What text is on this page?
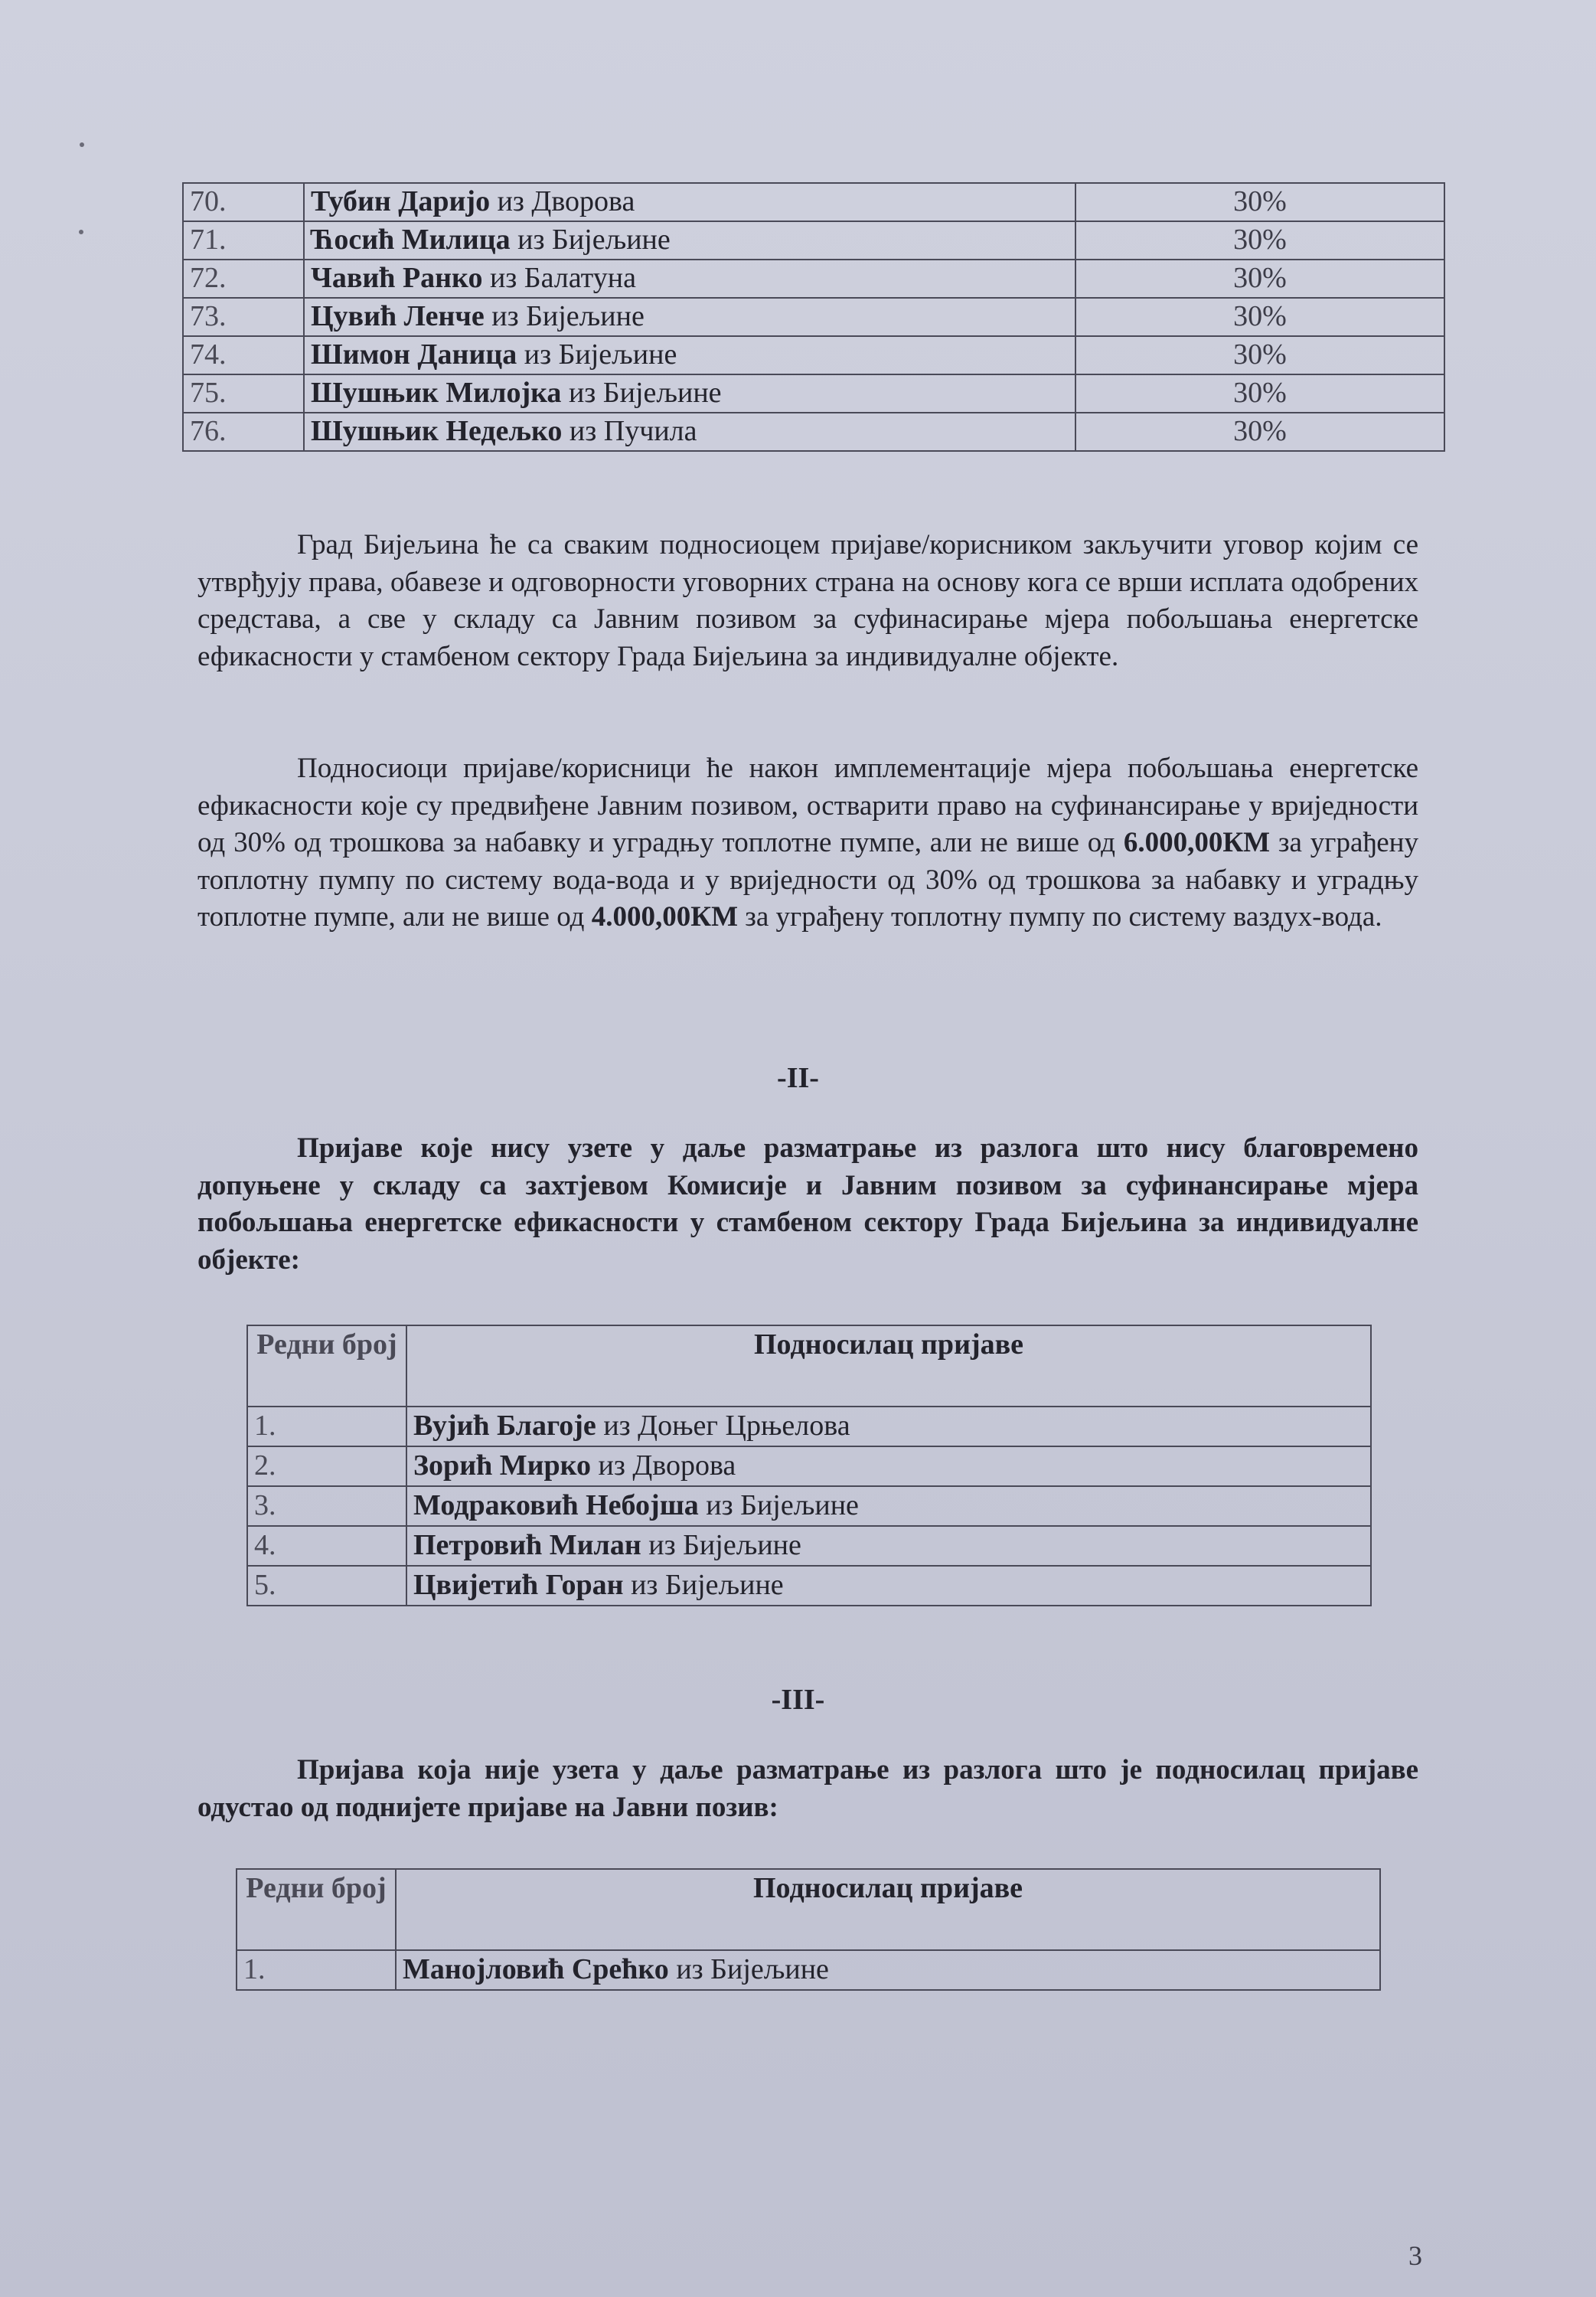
70.	Тубин Даријо из Дворова	30%
71.	Ћосић Милица из Бијељине	30%
72.	Чавић Ранко из Балатуна	30%
73.	Цувић Ленче из Бијељине	30%
74.	Шимон Даница из Бијељине	30%
75.	Шушњик Милојка из Бијељине	30%
76.	Шушњик Недељко из Пучила	30%

Град Бијељина ће са сваким подносиоцем пријаве/корисником закључити уговор којим се утврђују права, обавезе и одговорности уговорних страна на основу кога се врши исплата одобрених средстава, а све у складу са Јавним позивом за суфинасирање мјера побољшања енергетске ефикасности у стамбеном сектору Града Бијељина за индивидуалне објекте.

Подносиоци пријаве/корисници ће након имплементације мјера побољшања енергетске ефикасности које су предвиђене Јавним позивом, остварити право на суфинансирање у вриједности од 30% од трошкова за набавку и уградњу топлотне пумпе, али не више од 6.000,00КМ за уграђену топлотну пумпу по систему вода-вода и у вриједности од 30% од трошкова за набавку и уградњу топлотне пумпе, али не више од 4.000,00КМ за уграђену топлотну пумпу по систему ваздух-вода.

-II-

Пријаве које нису узете у даље разматрање из разлога што нису благовремено допуњене у складу са захтјевом Комисије и Јавним позивом за суфинансирање мјера побољшања енергетске ефикасности у стамбеном сектору Града Бијељина за индивидуалне објекте:

Редни број	Подносилац пријаве
1.	Вујић Благоје из Доњег Црњелова
2.	Зорић Мирко из Дворова
3.	Модраковић Небојша из Бијељине
4.	Петровић Милан из Бијељине
5.	Цвијетић Горан из Бијељине
-III-

Пријава која није узета у даље разматрање из разлога што је подносилац пријаве одустао од поднијете пријаве на Јавни позив:

Редни број	Подносилац пријаве
1.	Манојловић Срећко из Бијељине
3
